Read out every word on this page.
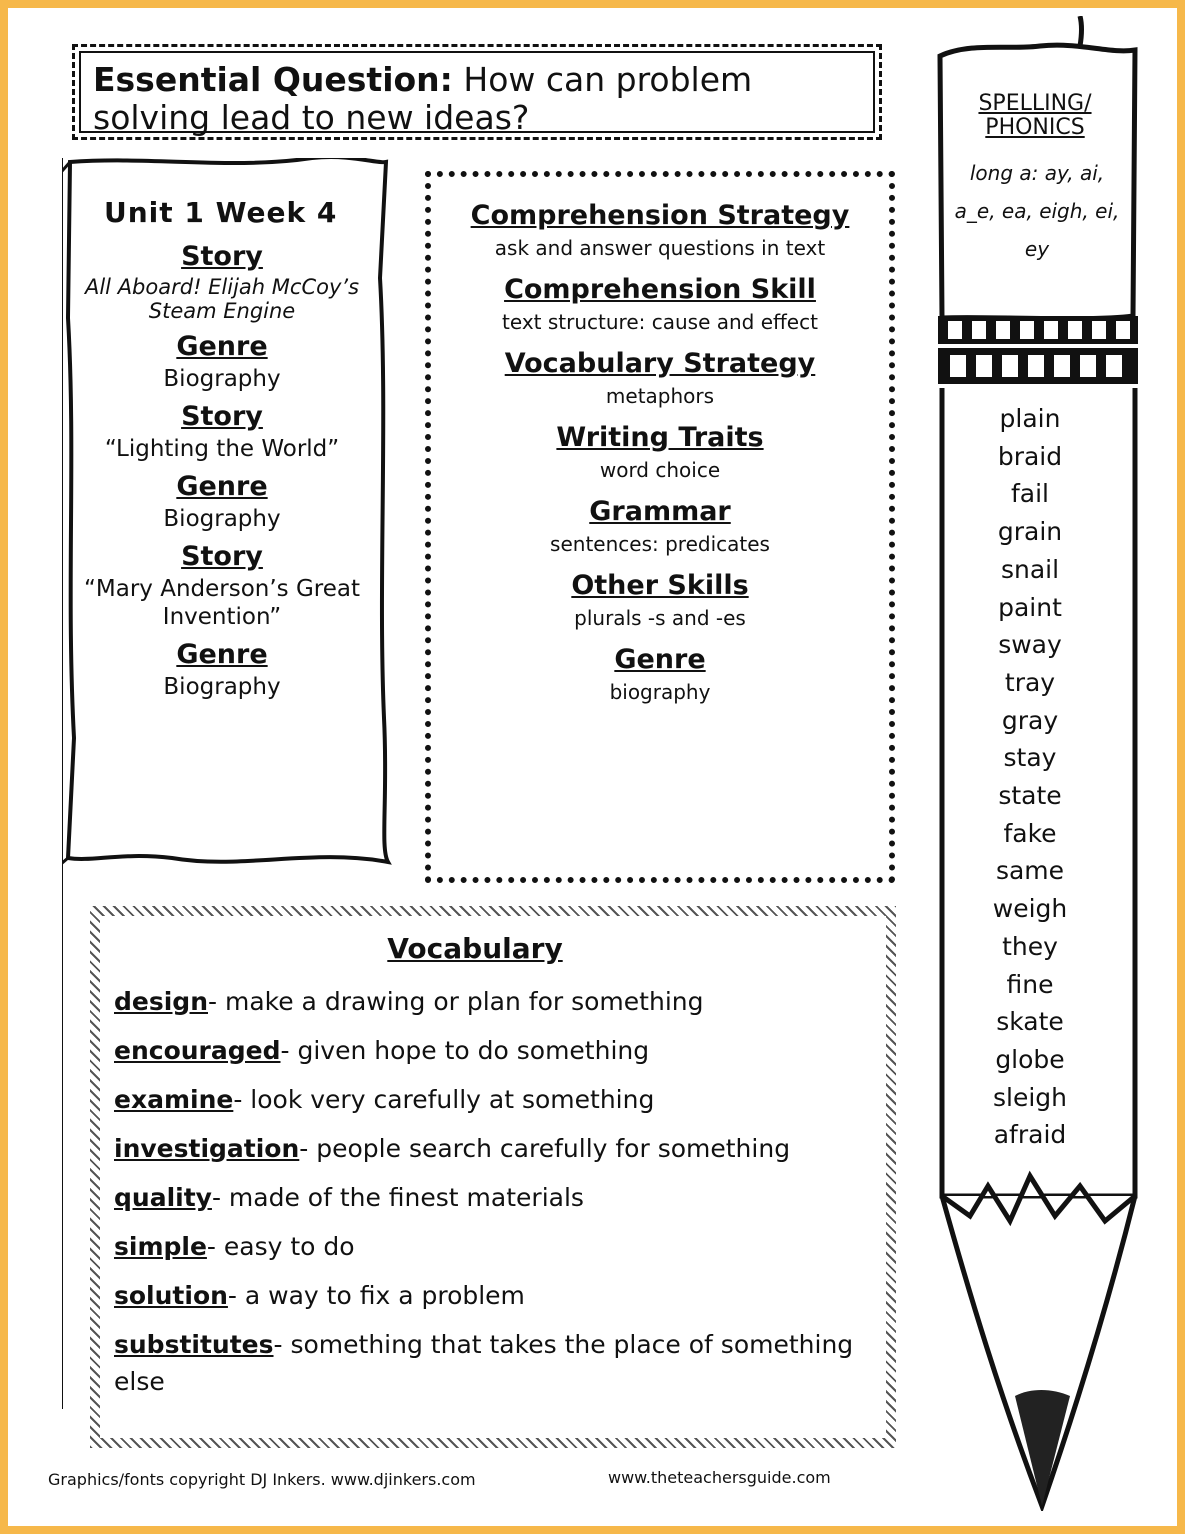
Essential Question: How can problem solving lead to new ideas?
Unit 1 Week 4
Story
All Aboard! Elijah McCoy’s Steam Engine
Genre
Biography
Story
“Lighting the World”
Genre
Biography
Story
“Mary Anderson’s Great Invention”
Genre
Biography
Comprehension Strategy
ask and answer questions in text
Comprehension Skill
text structure: cause and effect
Vocabulary Strategy
metaphors
Writing Traits
word choice
Grammar
sentences: predicates
Other Skills
plurals -s and -es
Genre
biography
Vocabulary
design- make a drawing or plan for something
encouraged- given hope to do something
examine- look very carefully at something
investigation- people search carefully for something
quality- made of the finest materials
simple- easy to do
solution- a way to fix a problem
substitutes- something that takes the place of something else
SPELLING/ PHONICS
long a: ay, ai, a_e, ea, eigh, ei, ey
plain
braid
fail
grain
snail
paint
sway
tray
gray
stay
state
fake
same
weigh
they
fine
skate
globe
sleigh
afraid
Graphics/fonts copyright DJ Inkers. www.djinkers.com	www.theteachersguide.com
